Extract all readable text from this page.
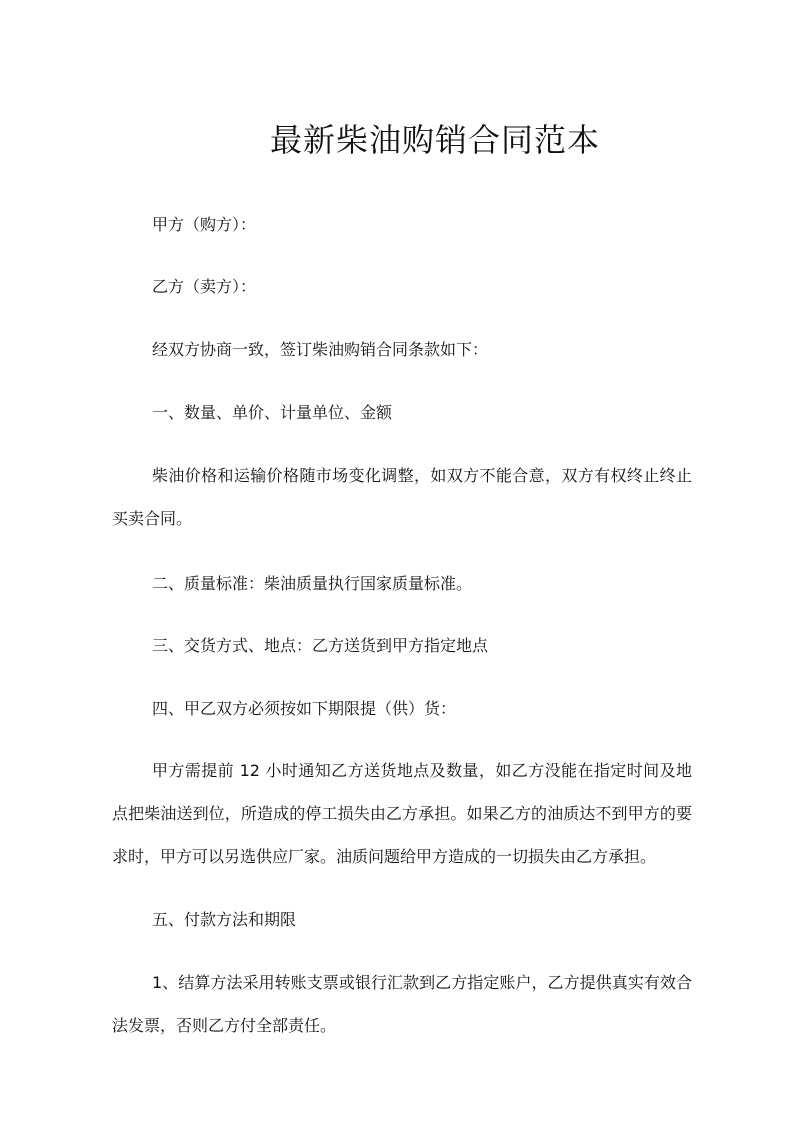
最新柴油购销合同范本

甲方（购方）：

乙方（卖方）：

经双方协商一致，签订柴油购销合同条款如下：

一、数量、单价、计量单位、金额

柴油价格和运输价格随市场变化调整，如双方不能合意，双方有权终止终止买卖合同。

二、质量标准：柴油质量执行国家质量标准。

三、交货方式、地点：乙方送货到甲方指定地点

四、甲乙双方必须按如下期限提（供）货：

甲方需提前 12 小时通知乙方送货地点及数量，如乙方没能在指定时间及地点把柴油送到位，所造成的停工损失由乙方承担。如果乙方的油质达不到甲方的要求时，甲方可以另选供应厂家。油质问题给甲方造成的一切损失由乙方承担。

五、付款方法和期限

1、结算方法采用转账支票或银行汇款到乙方指定账户，乙方提供真实有效合法发票，否则乙方付全部责任。
